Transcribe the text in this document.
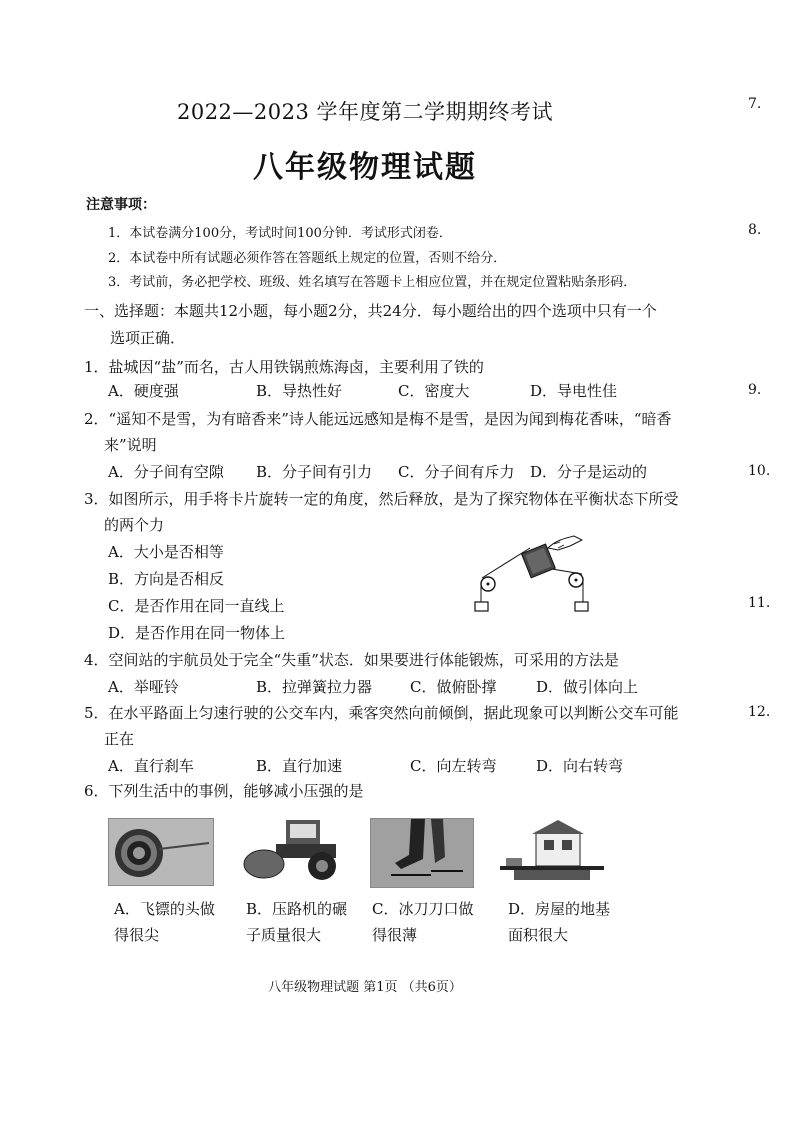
2022—2023 学年度第二学期期终考试
八年级物理试题
注意事项：
1．本试卷满分100分，考试时间100分钟．考试形式闭卷．
2．本试卷中所有试题必须作答在答题纸上规定的位置，否则不给分．
3．考试前，务必把学校、班级、姓名填写在答题卡上相应位置，并在规定位置粘贴条形码．
一、选择题：本题共12小题，每小题2分，共24分．每小题给出的四个选项中只有一个
选项正确．
1．盐城因“盐”而名，古人用铁锅煎炼海卤，主要利用了铁的
A．硬度强	B．导热性好	C．密度大	D．导电性佳
2．“遥知不是雪，为有暗香来”诗人能远远感知是梅不是雪，是因为闻到梅花香味，“暗香
来”说明
A．分子间有空隙 B．分子间有引力 C．分子间有斥力 D．分子是运动的
3．如图所示，用手将卡片旋转一定的角度，然后释放，是为了探究物体在平衡状态下所受
的两个力
A．大小是否相等
B．方向是否相反
C．是否作用在同一直线上
D．是否作用在同一物体上
4．空间站的宇航员处于完全“失重”状态．如果要进行体能锻炼，可采用的方法是
A．举哑铃	B．拉弹簧拉力器	C．做俯卧撑	D．做引体向上
5．在水平路面上匀速行驶的公交车内，乘客突然向前倾倒，据此现象可以判断公交车可能
正在
A．直行刹车	B．直行加速	C．向左转弯	D．向右转弯
6．下列生活中的事例，能够减小压强的是
A．飞镖的头做
得很尖
B．压路机的碾
子质量很大
C．冰刀刀口做
得很薄
D．房屋的地基
面积很大
7.
8.
9.
10.
11.
12.
八年级物理试题 第1页 （共6页）
